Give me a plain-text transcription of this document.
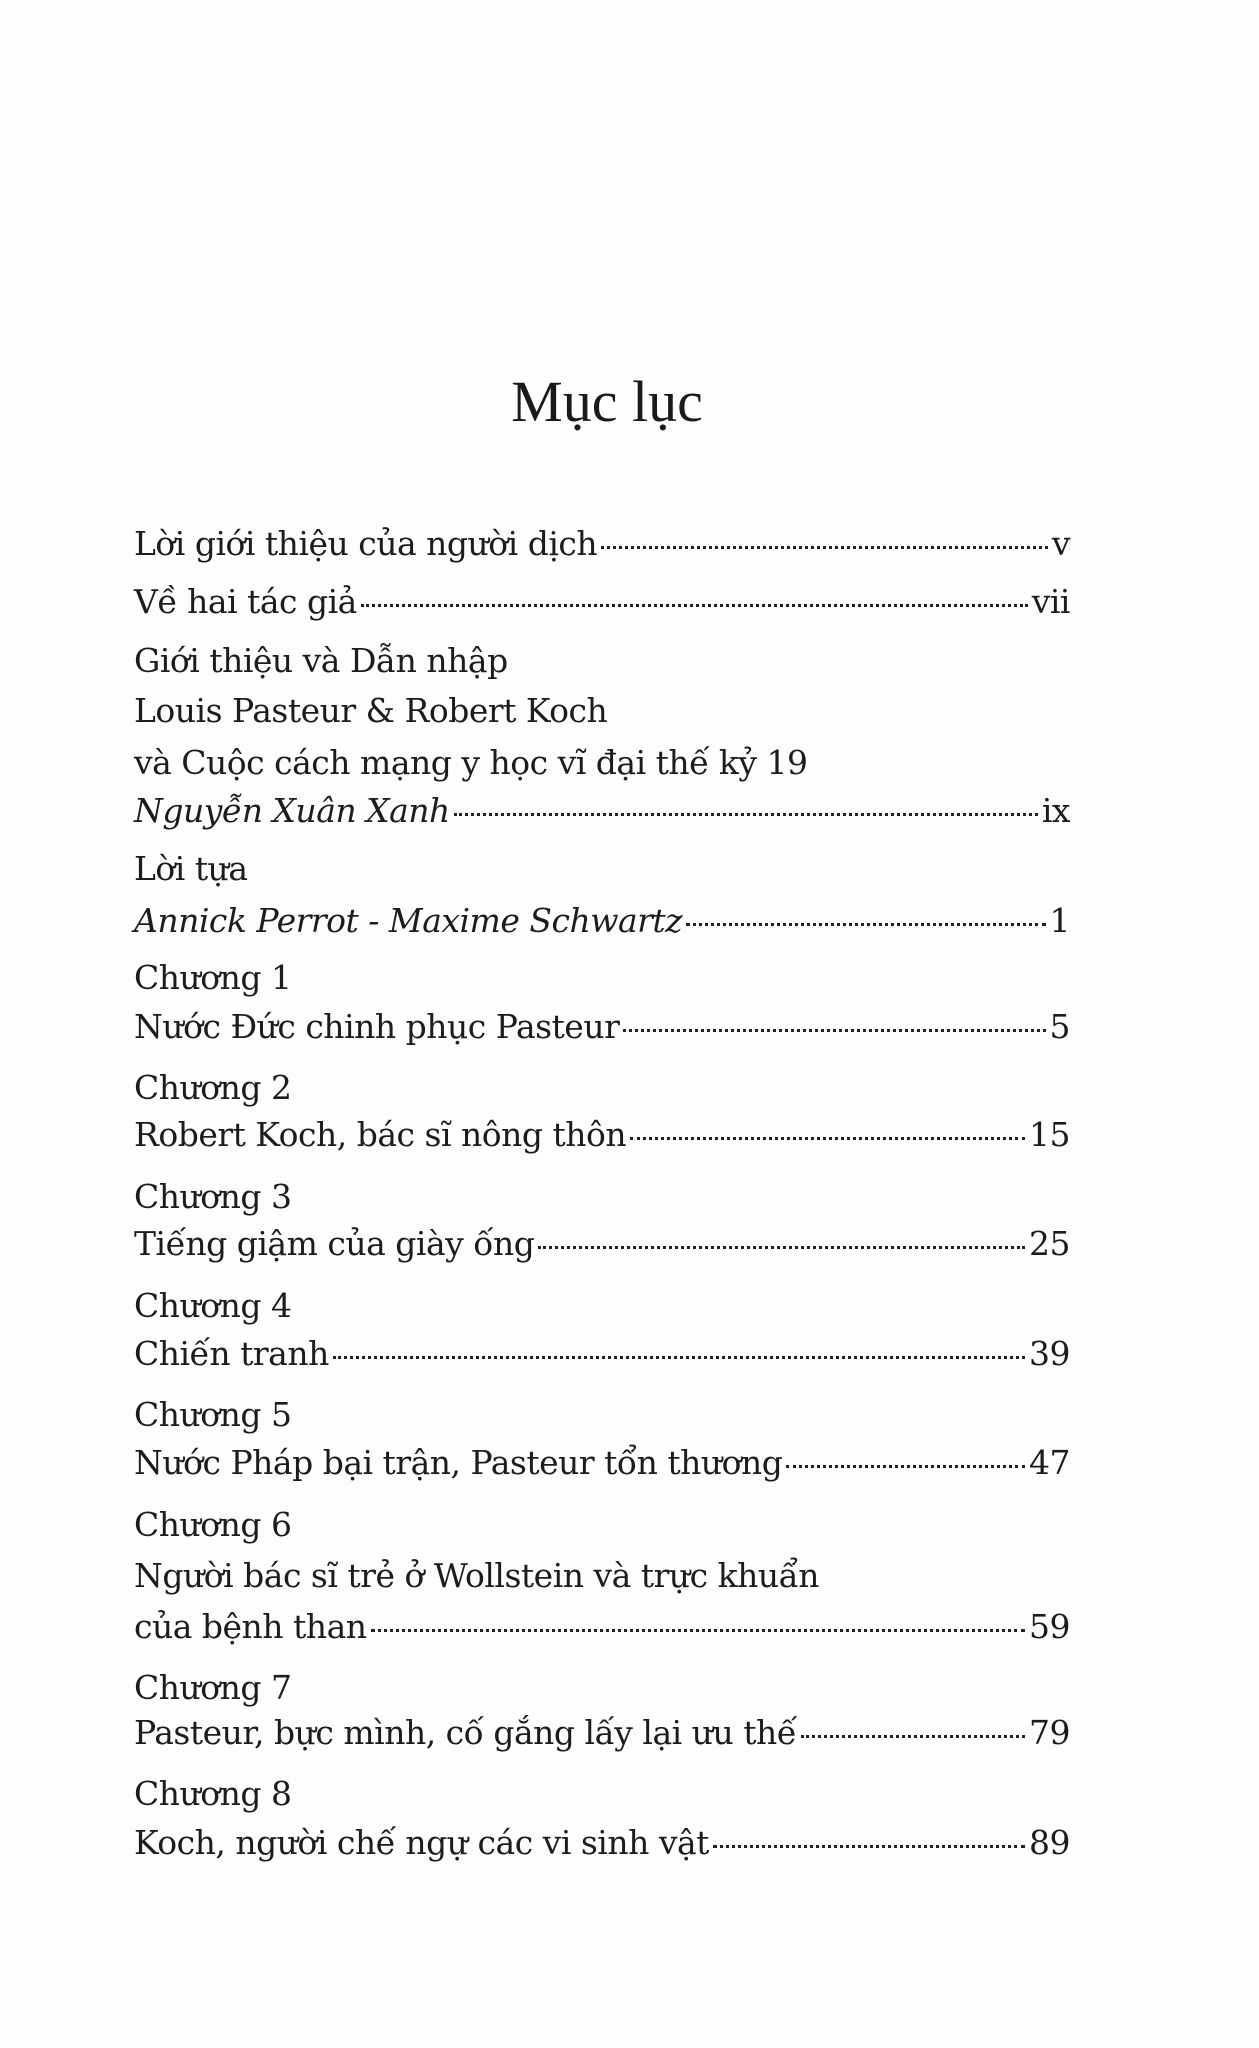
Mục lục
Lời giới thiệu của người dịch	v
Về hai tác giả	vii
Giới thiệu và Dẫn nhập
Louis Pasteur & Robert Koch
và Cuộc cách mạng y học vĩ đại thế kỷ 19
Nguyễn Xuân Xanh	ix
Lời tựa
Annick Perrot - Maxime Schwartz	1
Chương 1
Nước Đức chinh phục Pasteur	5
Chương 2
Robert Koch, bác sĩ nông thôn	15
Chương 3
Tiếng giậm của giày ống	25
Chương 4
Chiến tranh	39
Chương 5
Nước Pháp bại trận, Pasteur tổn thương	47
Chương 6
Người bác sĩ trẻ ở Wollstein và trực khuẩn
của bệnh than	59
Chương 7
Pasteur, bực mình, cố gắng lấy lại ưu thế	79
Chương 8
Koch, người chế ngự các vi sinh vật	89
